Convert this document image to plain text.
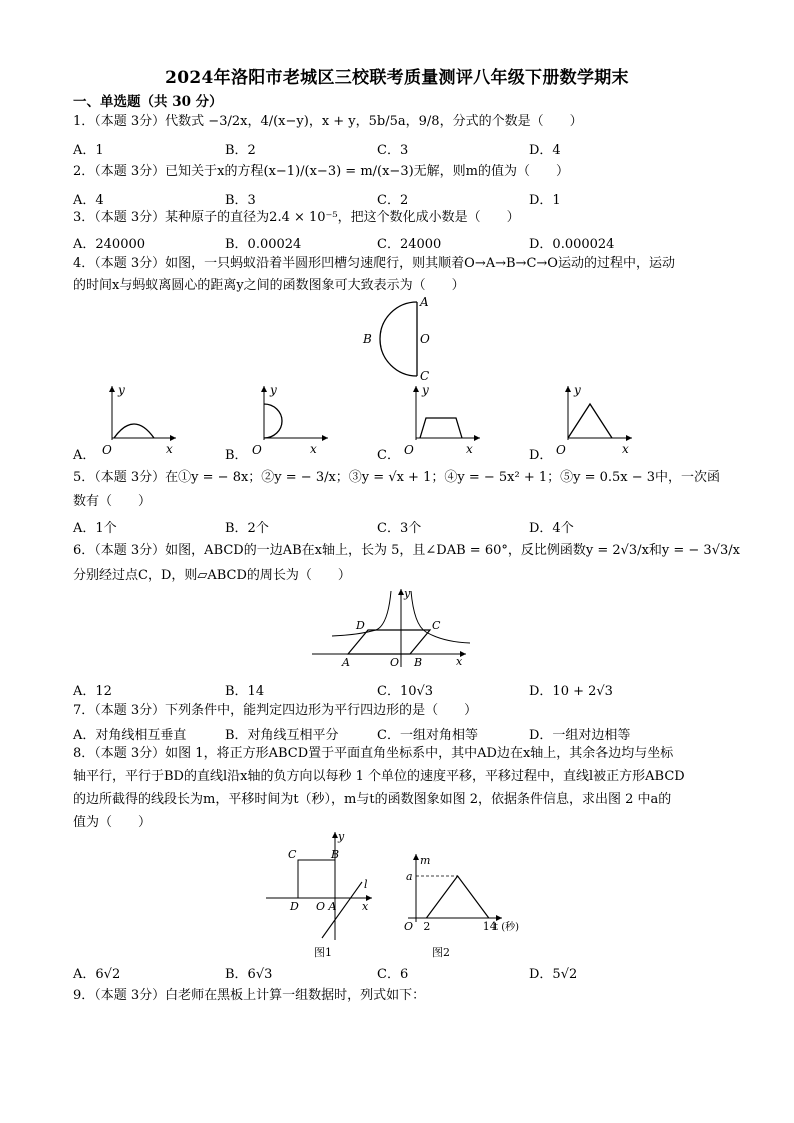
2024年洛阳市老城区三校联考质量测评八年级下册数学期末
一、单选题（共 30 分）
1．（本题 3分）代数式 −3/2x，4/(x−y)，x + y，5b/5a，9/8，分式的个数是（　　）
A．1	B．2	C．3	D．4
2．（本题 3分）已知关于x的方程(x−1)/(x−3) = m/(x−3)无解，则m的值为（　　）
A．4	B．3	C．2	D．1
3．（本题 3分）某种原子的直径为2.4 × 10⁻⁵，把这个数化成小数是（　　）
A．240000	B．0.00024	C．24000	D．0.000024
4．（本题 3分）如图，一只蚂蚁沿着半圆形凹槽匀速爬行，则其顺着O→A→B→C→O运动的过程中，运动
的时间x与蚂蚁离圆心的距离y之间的函数图象可大致表示为（　　）
A
B	O
C
A．	B．	C．	D．
y
O	x
y
O	x
y
O	x
y
O	x
5．（本题 3分）在①y = − 8x；②y = − 3/x；③y = √x + 1；④y = − 5x² + 1；⑤y = 0.5x − 3中，一次函
数有（　　）
A．1个	B．2个	C．3个	D．4个
6．（本题 3分）如图，ABCD的一边AB在x轴上，长为 5，且∠DAB = 60°，反比例函数y = 2√3/x和y = − 3√3/x
分别经过点C，D，则▱ABCD的周长为（　　）
D	C
A	O B	x
y
A．12	B．14	C．10√3	D．10 + 2√3
7．（本题 3分）下列条件中，能判定四边形为平行四边形的是（　　）
A．对角线相互垂直	B．对角线互相平分	C．一组对角相等	D．一组对边相等
8．（本题 3分）如图 1，将正方形ABCD置于平面直角坐标系中，其中AD边在x轴上，其余各边均与坐标
轴平行，平行于BD的直线l沿x轴的负方向以每秒 1 个单位的速度平移，平移过程中，直线l被正方形ABCD
的边所截得的线段长为m，平移时间为t（秒），m与t的函数图象如图 2，依据条件信息，求出图 2 中a的
值为（　　）
C	B
y
l
D O A x
图1
m
a
O 2	14
t (秒)
图2
A．6√2	B．6√3	C．6	D．5√2
9．（本题 3分）白老师在黑板上计算一组数据时，列式如下：
